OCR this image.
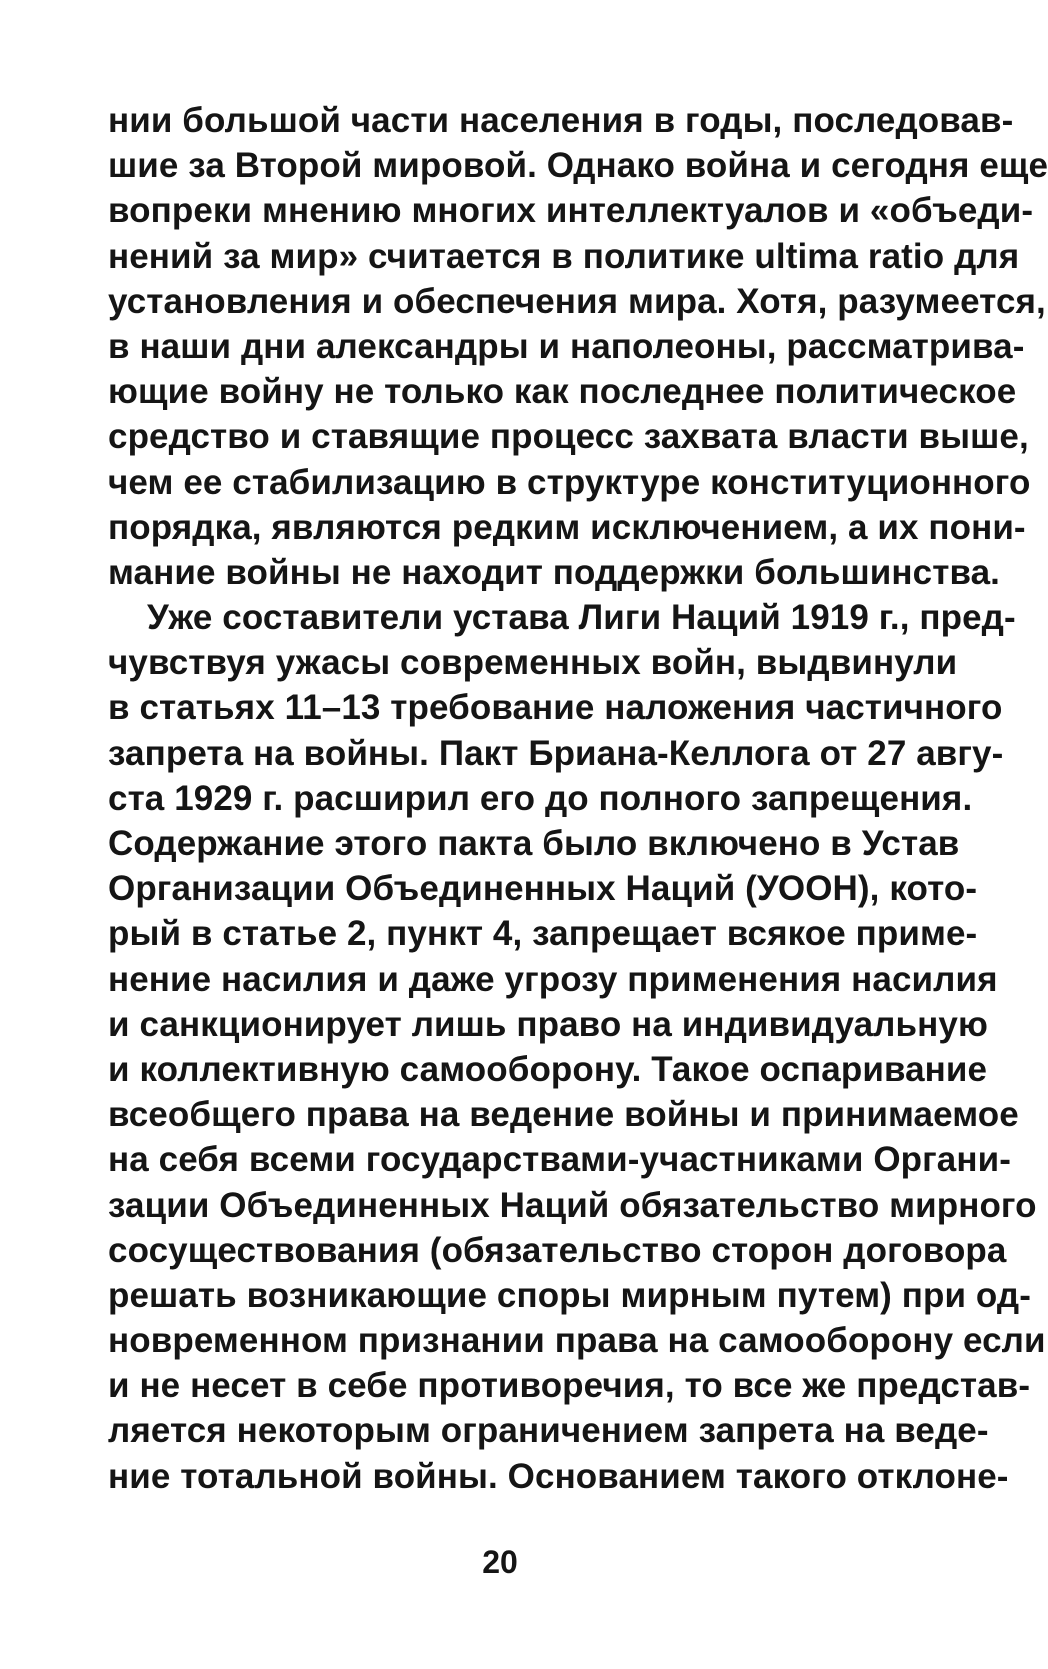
нии большой части населения в годы, последовав-
шие за Второй мировой. Однако война и сегодня еще
вопреки мнению многих интеллектуалов и «объеди-
нений за мир» считается в политике ultima ratio для
установления и обеспечения мира. Хотя, разумеется,
в наши дни александры и наполеоны, рассматрива-
ющие войну не только как последнее политическое
средство и ставящие процесс захвата власти выше,
чем ее стабилизацию в структуре конституционного
порядка, являются редким исключением, а их пони-
мание войны не находит поддержки большинства.
Уже составители устава Лиги Наций 1919 г., пред-
чувствуя ужасы современных войн, выдвинули
в статьях 11–13 требование наложения частичного
запрета на войны. Пакт Бриана-Келлога от 27 авгу-
ста 1929 г. расширил его до полного запрещения.
Содержание этого пакта было включено в Устав
Организации Объединенных Наций (УООН), кото-
рый в статье 2, пункт 4, запрещает всякое приме-
нение насилия и даже угрозу применения насилия
и санкционирует лишь право на индивидуальную
и коллективную самооборону. Такое оспаривание
всеобщего права на ведение войны и принимаемое
на себя всеми государствами-участниками Органи-
зации Объединенных Наций обязательство мирного
сосуществования (обязательство сторон договора
решать возникающие споры мирным путем) при од-
новременном признании права на самооборону если
и не несет в себе противоречия, то все же представ-
ляется некоторым ограничением запрета на веде-
ние тотальной войны. Основанием такого отклоне-
20
